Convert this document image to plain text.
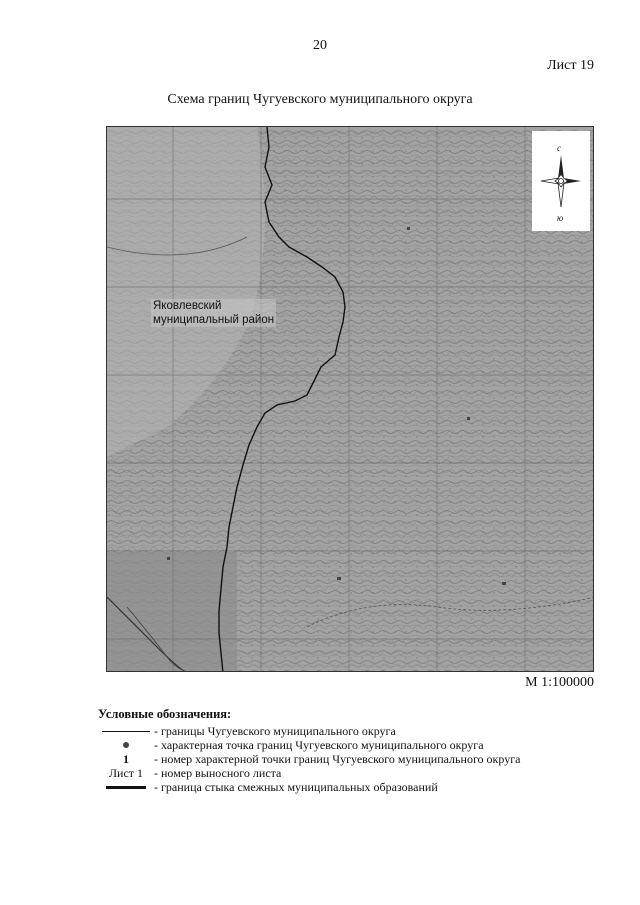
20
Лист 19
Схема границ Чугуевского муниципального округа
Яковлевский
муниципальный район
с
ю
М 1:100000
Условные обозначения:
- границы Чугуевского муниципального округа
- характерная точка границ Чугуевского муниципального округа
1	- номер характерной точки границ Чугуевского муниципального округа
Лист 1 - номер выносного листа
- граница стыка смежных муниципальных образований
